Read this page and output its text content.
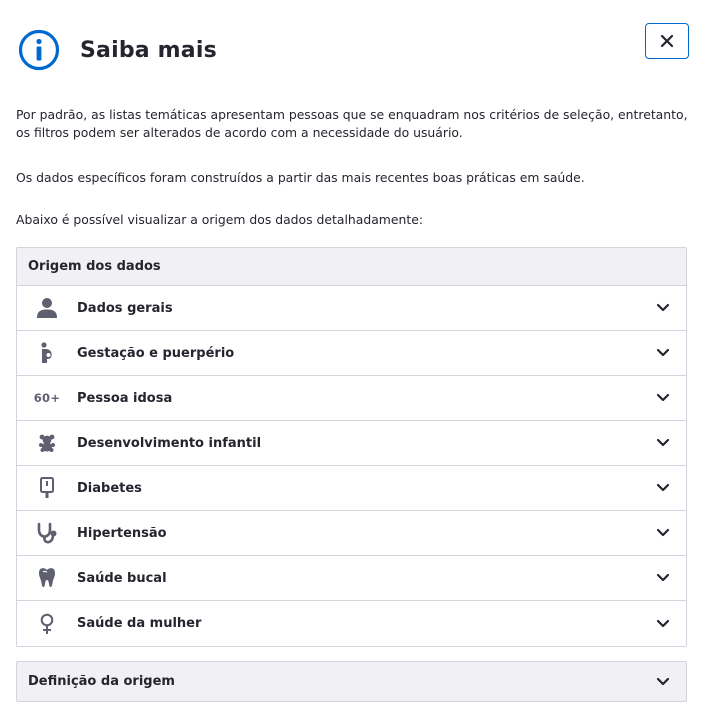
Saiba mais

Por padrão, as listas temáticas apresentam pessoas que se enquadram nos critérios de seleção, entretanto, os filtros podem ser alterados de acordo com a necessidade do usuário.

Os dados específicos foram construídos a partir das mais recentes boas práticas em saúde.

Abaixo é possível visualizar a origem dos dados detalhadamente:

Origem dos dados
Dados gerais
Gestação e puerpério
60+ Pessoa idosa
Desenvolvimento infantil
Diabetes
Hipertensão
Saúde bucal
Saúde da mulher
Definição da origem
